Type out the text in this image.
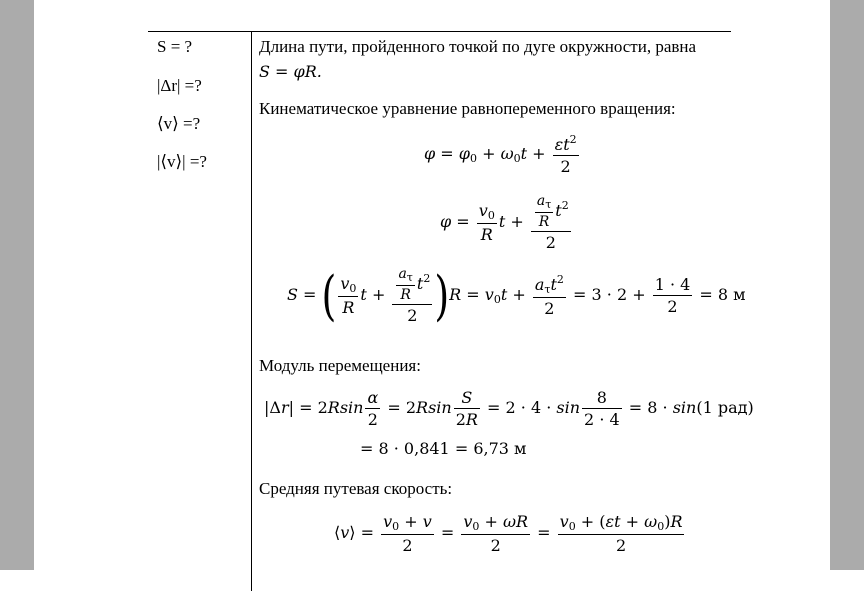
S = ?
|Δr| =?
⟨v⟩ =?
|⟨v⟩| =?
Длина пути, пройденного точкой по дуге окружности, равна
S = φR.
Кинематическое уравнение равнопеременного вращения:
$\varphi = \varphi_0 + \omega_0t + \frac{\varepsilon t^2}{2}$
$\varphi = \frac{v_0}{R}$ $t + \frac{\frac{a_\tau}{R} t^2}{2}$
S = ( $\frac{v_0}{R}$ $t + \frac{\frac{a_\tau}{R} t^2}{2} )R = v_0t + \frac{a_\tau t^2}{2} = 3 \cdot 2 + \frac{1 \cdot 4}{2} = 8$ м
Модуль перемещения:
$|\Delta r| = 2Rsin \frac{\alpha}{2} = 2Rsin \frac{S}{2R} = 2 \cdot 4 \cdot \sin \frac{8}{2 \cdot 4} = 8 \cdot \sin(1$ рад)
= 8 · 0,841 = 6,73 м
Средняя путевая скорость:
⟨v⟩ = $\frac{v_0 + v}{2} = \frac{v_0 + \omega R}{2} = \frac{v_0 + (\varepsilon t + \omega_0)R}{2}$
